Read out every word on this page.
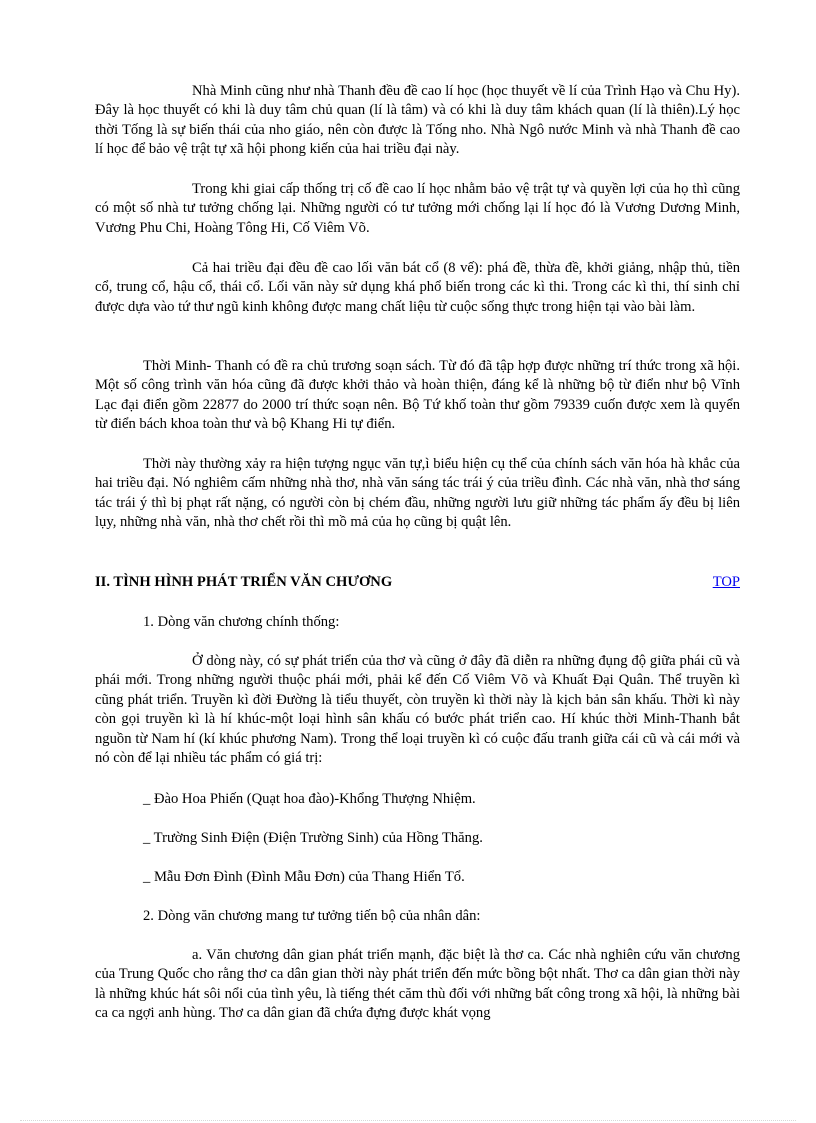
Nhà Minh cũng như nhà Thanh đều đề cao lí học (học thuyết về lí của Trình Hạo và Chu Hy). Đây là học thuyết có khi là duy tâm chủ quan (lí là tâm) và có khi là duy tâm khách quan (lí là thiên).Lý học thời Tống là sự biến thái của nho giáo, nên còn được là Tống nho. Nhà Ngô nước Minh và nhà Thanh đề cao lí học để bảo vệ trật tự xã hội phong kiến của hai triều đại này.

Trong khi giai cấp thống trị cố đề cao lí học nhằm bảo vệ trật tự và quyền lợi của họ thì cũng có một số nhà tư tưởng chống lại. Những người có tư tưởng mới chống lại lí học đó là Vương Dương Minh, Vương Phu Chi, Hoàng Tông Hi, Cố Viêm Võ.

Cả hai triều đại đều đề cao lối văn bát cổ (8 vế): phá đề, thừa đề, khởi giảng, nhập thủ, tiền cổ, trung cổ, hậu cổ, thái cổ. Lối văn này sử dụng khá phổ biến trong các kì thi. Trong các kì thi, thí sinh chỉ được dựa vào tứ thư ngũ kinh không được mang chất liệu từ cuộc sống thực trong hiện tại vào bài làm.

Thời Minh- Thanh có đề ra chủ trương soạn sách. Từ đó đã tập hợp được những trí thức trong xã hội. Một số công trình văn hóa cũng đã được khởi thảo và hoàn thiện, đáng kể là những bộ từ điển như bộ Vĩnh Lạc đại điển gồm 22877 do 2000 trí thức soạn nên. Bộ Tứ khố toàn thư gồm 79339 cuốn được xem là quyển từ điển bách khoa toàn thư và bộ Khang Hi tự điển.

Thời này thường xảy ra hiện tượng ngục văn tự,ì biểu hiện cụ thể của chính sách văn hóa hà khắc của hai triều đại. Nó nghiêm cấm những nhà thơ, nhà văn sáng tác trái ý của triều đình. Các nhà văn, nhà thơ sáng tác trái ý thì bị phạt rất nặng, có người còn bị chém đầu, những người lưu giữ những tác phẩm ấy đều bị liên lụy, những nhà văn, nhà thơ chết rồi thì mồ mả của họ cũng bị quật lên.

II. TÌNH HÌNH PHÁT TRIỂN VĂN CHƯƠNG	TOP

1. Dòng văn chương chính thống:

Ở dòng này, có sự phát triển của thơ và cũng ở đây đã diễn ra những đụng độ giữa phái cũ và phái mới. Trong những người thuộc phái mới, phải kể đến Cố Viêm Võ và Khuất Đại Quân. Thể truyền kì cũng phát triển. Truyền kì đời Đường là tiểu thuyết, còn truyền kì thời này là kịch bản sân khấu. Thời kì này còn gọi truyền kì là hí khúc-một loại hình sân khấu có bước phát triển cao. Hí khúc thời Minh-Thanh bắt nguồn từ Nam hí (kí khúc phương Nam). Trong thể loại truyền kì có cuộc đấu tranh giữa cái cũ và cái mới và nó còn để lại nhiều tác phẩm có giá trị:

_ Đào Hoa Phiến (Quạt hoa đào)-Khổng Thượng Nhiệm.

_ Trường Sinh Điện (Điện Trường Sinh) của Hồng Thăng.

_ Mẫu Đơn Đình (Đình Mẫu Đơn) của Thang Hiển Tổ.

2. Dòng văn chương mang tư tưởng tiến bộ của nhân dân:

a. Văn chương dân gian phát triển mạnh, đặc biệt là thơ ca. Các nhà nghiên cứu văn chương của Trung Quốc cho rằng thơ ca dân gian thời này phát triển đến mức bồng bột nhất. Thơ ca dân gian thời này là những khúc hát sôi nổi của tình yêu, là tiếng thét căm thù đối với những bất công trong xã hội, là những bài ca ca ngợi anh hùng. Thơ ca dân gian đã chứa đựng được khát vọng
